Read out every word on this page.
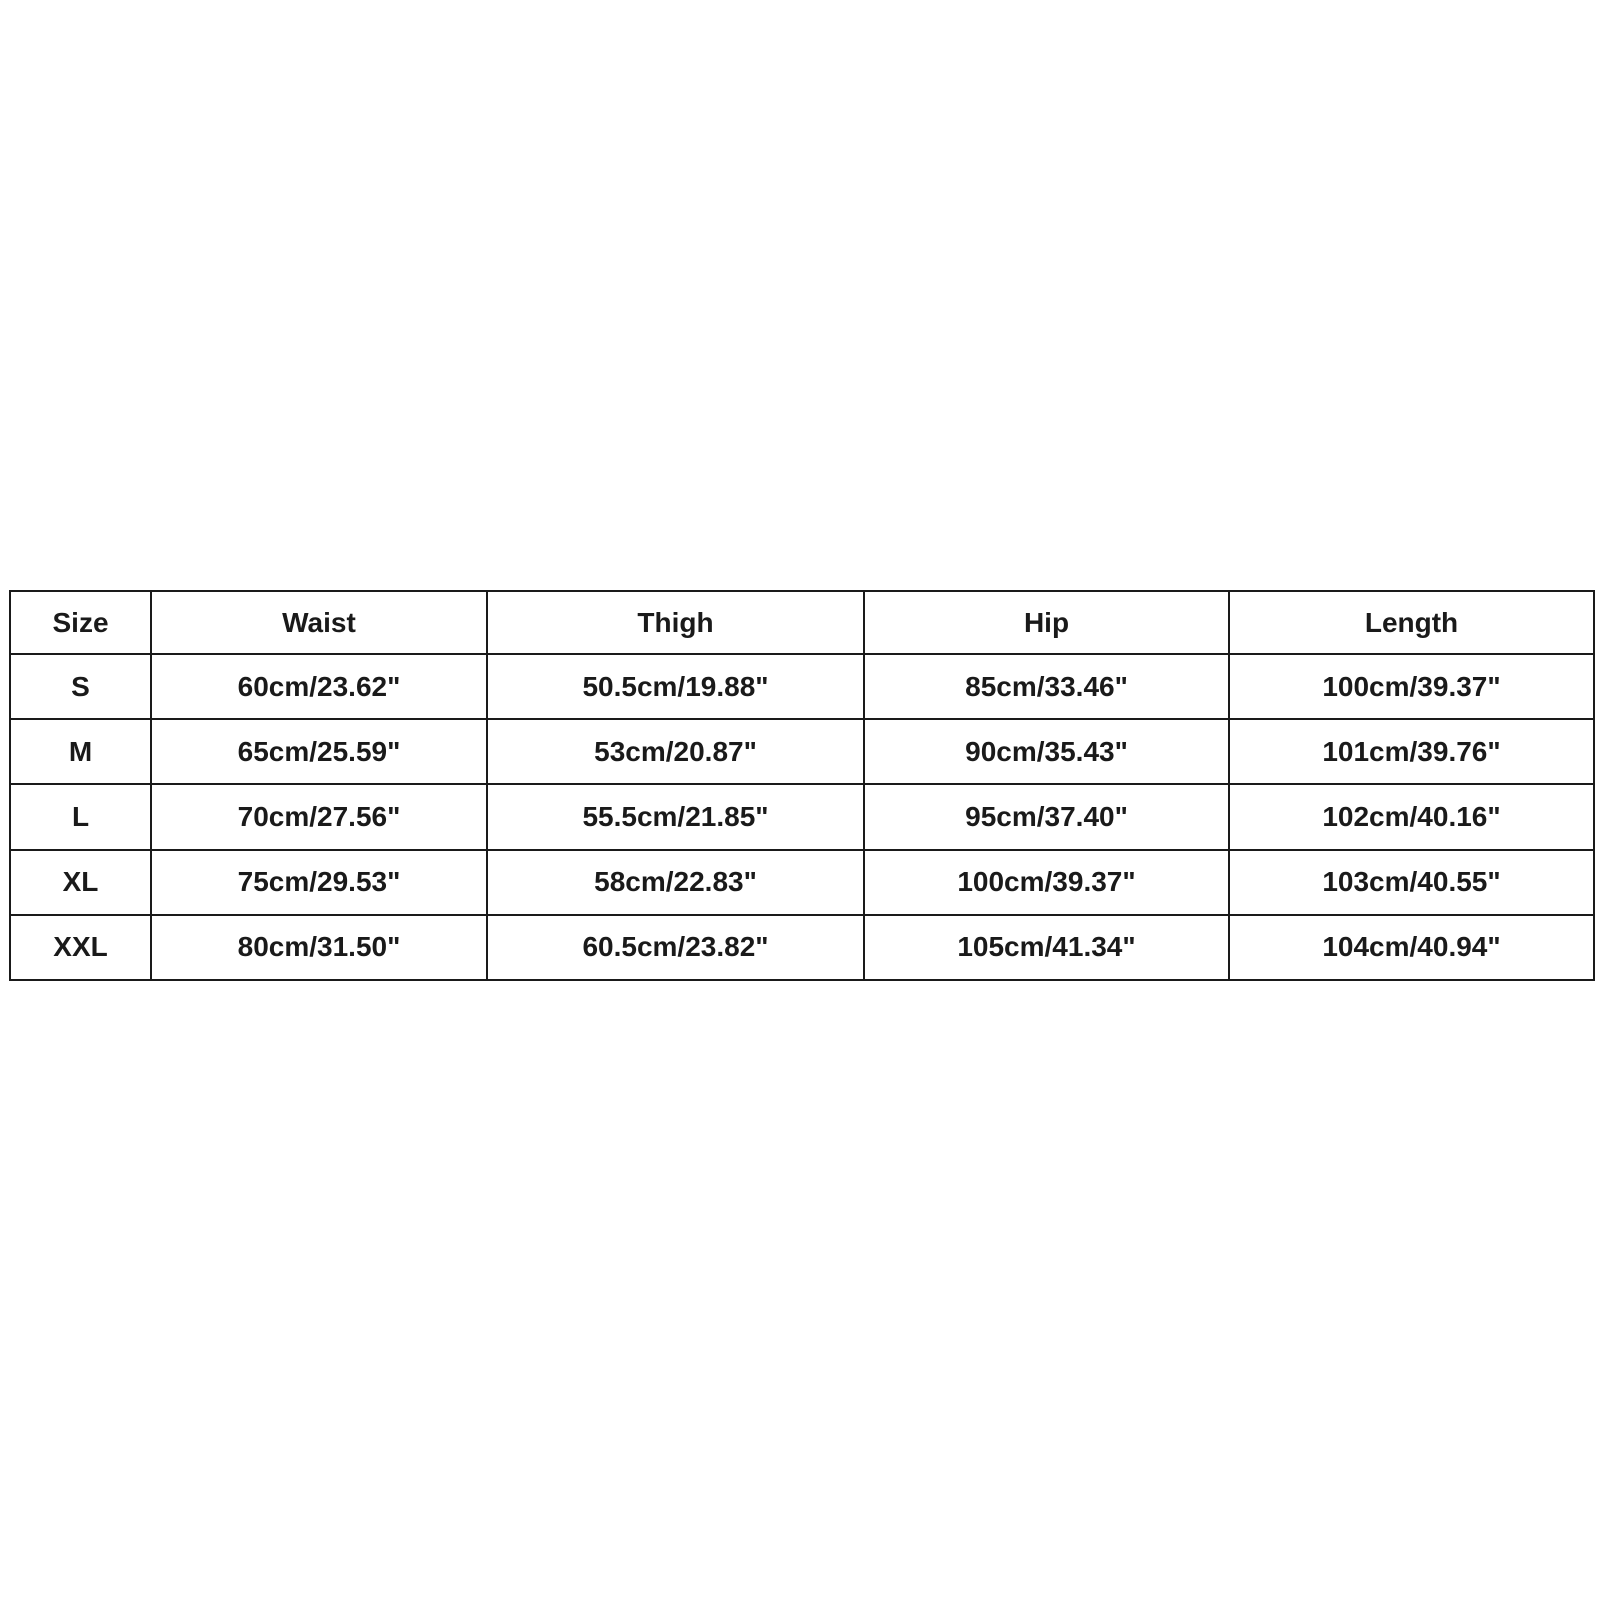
Size	Waist	Thigh	Hip	Length
S	60cm/23.62"	50.5cm/19.88"	85cm/33.46"	100cm/39.37"
M	65cm/25.59"	53cm/20.87"	90cm/35.43"	101cm/39.76"
L	70cm/27.56"	55.5cm/21.85"	95cm/37.40"	102cm/40.16"
XL	75cm/29.53"	58cm/22.83"	100cm/39.37"	103cm/40.55"
XXL	80cm/31.50"	60.5cm/23.82"	105cm/41.34"	104cm/40.94"
